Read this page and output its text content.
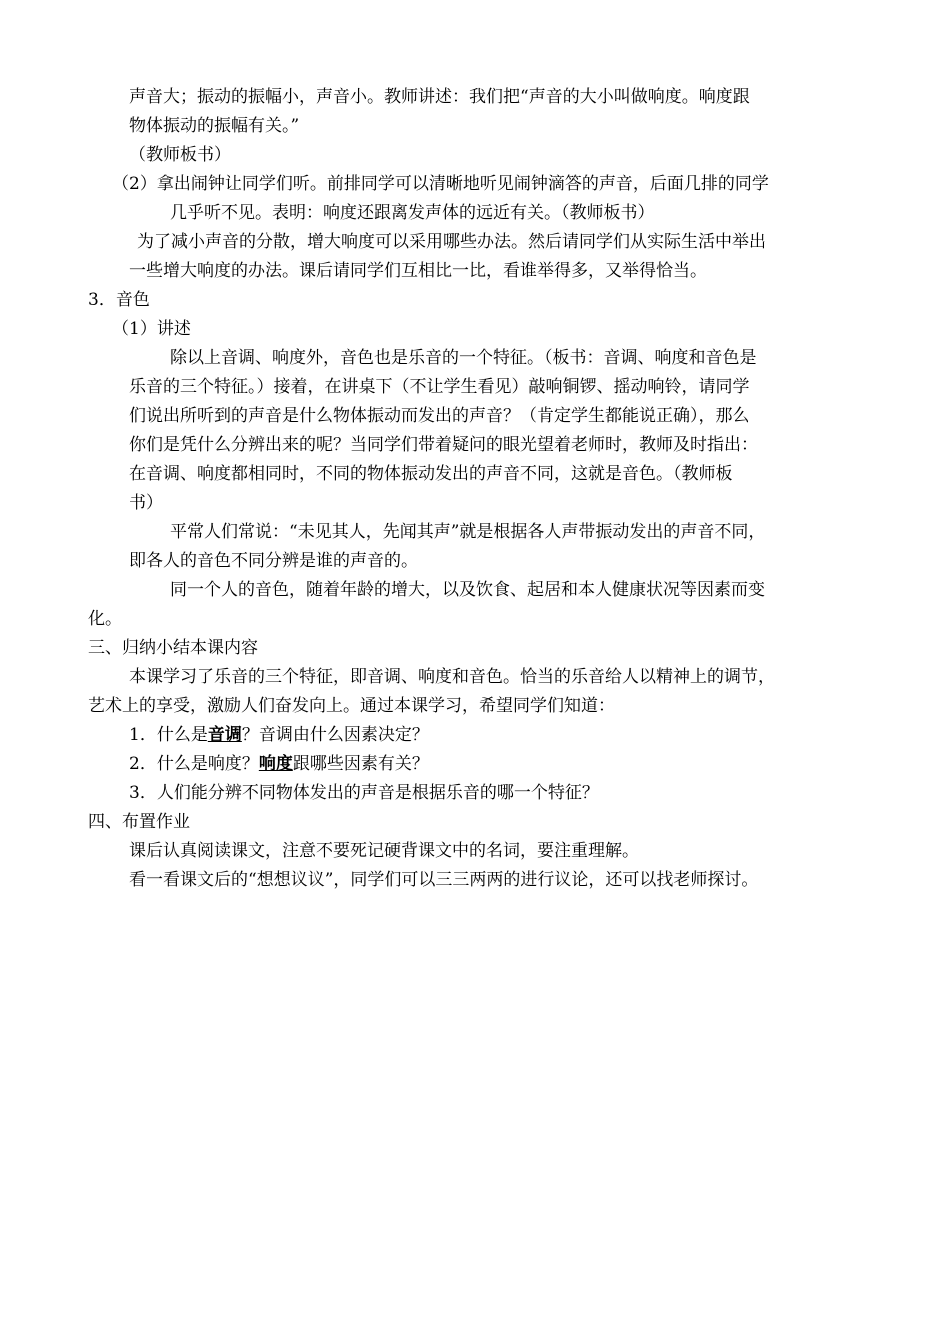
声音大；振动的振幅小，声音小。教师讲述：我们把“声音的大小叫做响度。响度跟
物体振动的振幅有关。”
（教师板书）
（2）拿出闹钟让同学们听。前排同学可以清晰地听见闹钟滴答的声音，后面几排的同学
几乎听不见。表明：响度还跟离发声体的远近有关。（教师板书）
为了减小声音的分散，增大响度可以采用哪些办法。然后请同学们从实际生活中举出
一些增大响度的办法。课后请同学们互相比一比，看谁举得多，又举得恰当。
3．音色
（1）讲述
除以上音调、响度外，音色也是乐音的一个特征。（板书：音调、响度和音色是
乐音的三个特征。）接着，在讲桌下（不让学生看见）敲响铜锣、摇动响铃，请同学
们说出所听到的声音是什么物体振动而发出的声音？（肯定学生都能说正确），那么
你们是凭什么分辨出来的呢？当同学们带着疑问的眼光望着老师时，教师及时指出：
在音调、响度都相同时，不同的物体振动发出的声音不同，这就是音色。（教师板
书）
平常人们常说：“未见其人，先闻其声”就是根据各人声带振动发出的声音不同，
即各人的音色不同分辨是谁的声音的。
同一个人的音色，随着年龄的增大，以及饮食、起居和本人健康状况等因素而变
化。
三、归纳小结本课内容
本课学习了乐音的三个特征，即音调、响度和音色。恰当的乐音给人以精神上的调节，
艺术上的享受，激励人们奋发向上。通过本课学习，希望同学们知道：
1．什么是音调？音调由什么因素决定？
2．什么是响度？响度跟哪些因素有关？
3．人们能分辨不同物体发出的声音是根据乐音的哪一个特征？
四、布置作业
课后认真阅读课文，注意不要死记硬背课文中的名词，要注重理解。
看一看课文后的“想想议议”，同学们可以三三两两的进行议论，还可以找老师探讨。
